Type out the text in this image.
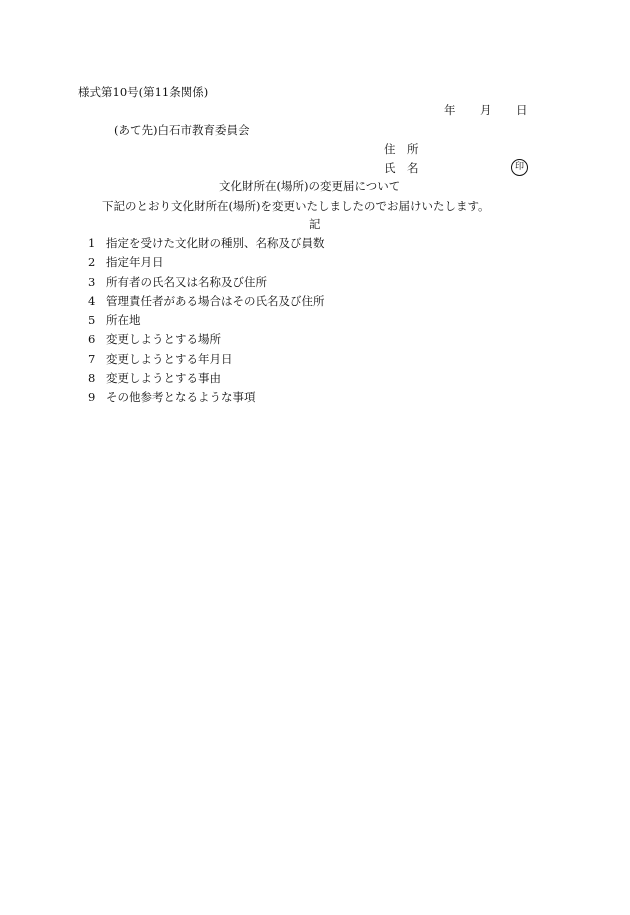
様式第10号(第11条関係)
年 月 日
(あて先)白石市教育委員会
住　所
氏　名	印
文化財所在(場所)の変更届について
下記のとおり文化財所在(場所)を変更いたしましたのでお届けいたします。
記
1 指定を受けた文化財の種別、名称及び員数
2 指定年月日
3 所有者の氏名又は名称及び住所
4 管理責任者がある場合はその氏名及び住所
5 所在地
6 変更しようとする場所
7 変更しようとする年月日
8 変更しようとする事由
9 その他参考となるような事項
